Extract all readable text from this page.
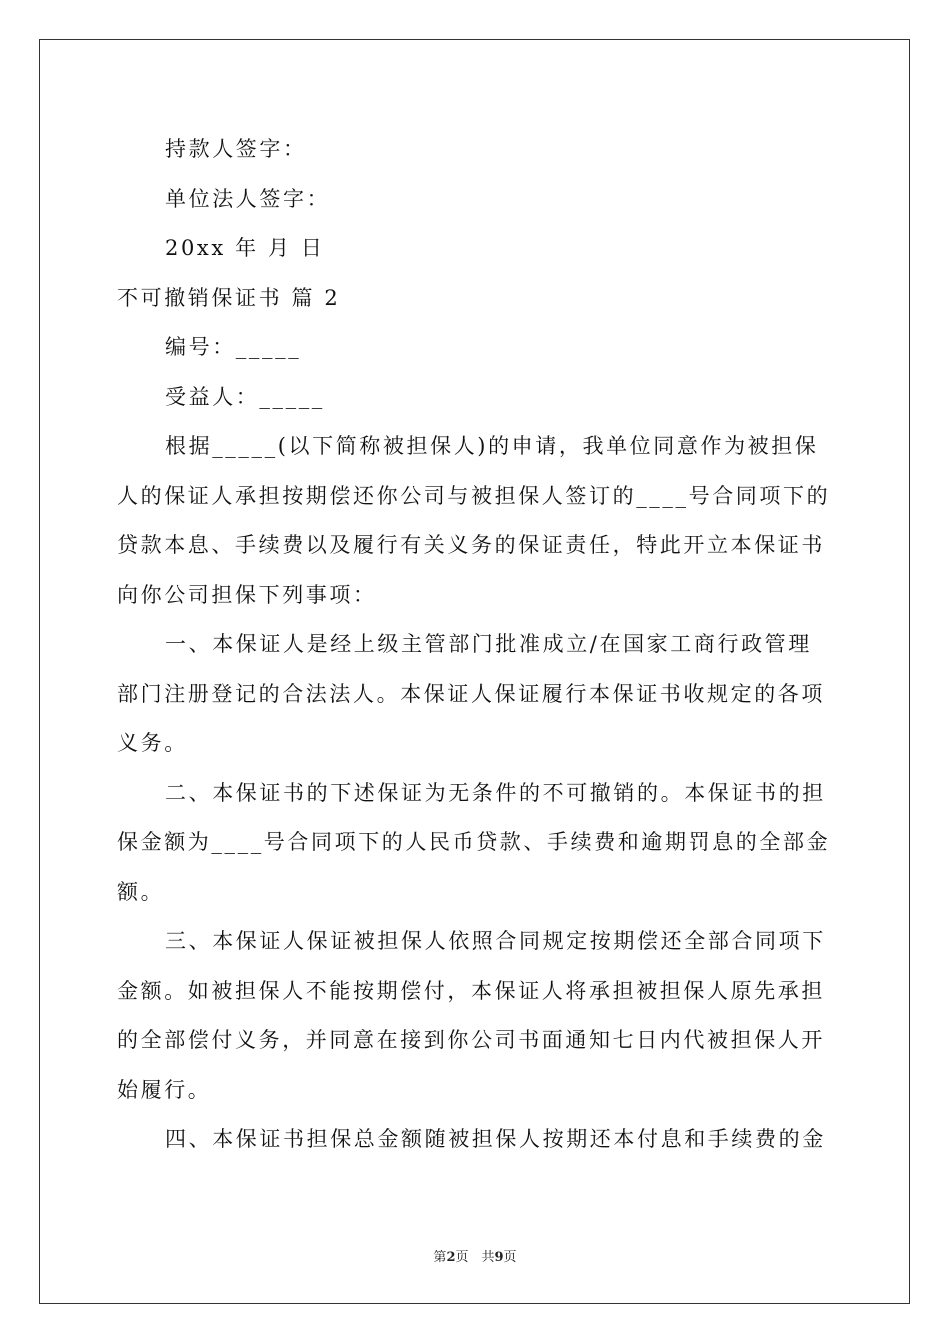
持款人签字：
单位法人签字：
20xx 年 月 日
不可撤销保证书 篇 2
编号：_____
受益人：_____
根据_____(以下简称被担保人)的申请，我单位同意作为被担保
人的保证人承担按期偿还你公司与被担保人签订的____号合同项下的
贷款本息、手续费以及履行有关义务的保证责任，特此开立本保证书
向你公司担保下列事项：
一、本保证人是经上级主管部门批准成立/在国家工商行政管理
部门注册登记的合法法人。本保证人保证履行本保证书收规定的各项
义务。
二、本保证书的下述保证为无条件的不可撤销的。本保证书的担
保金额为____号合同项下的人民币贷款、手续费和逾期罚息的全部金
额。
三、本保证人保证被担保人依照合同规定按期偿还全部合同项下
金额。如被担保人不能按期偿付，本保证人将承担被担保人原先承担
的全部偿付义务，并同意在接到你公司书面通知七日内代被担保人开
始履行。
四、本保证书担保总金额随被担保人按期还本付息和手续费的金
第2页　共9页
